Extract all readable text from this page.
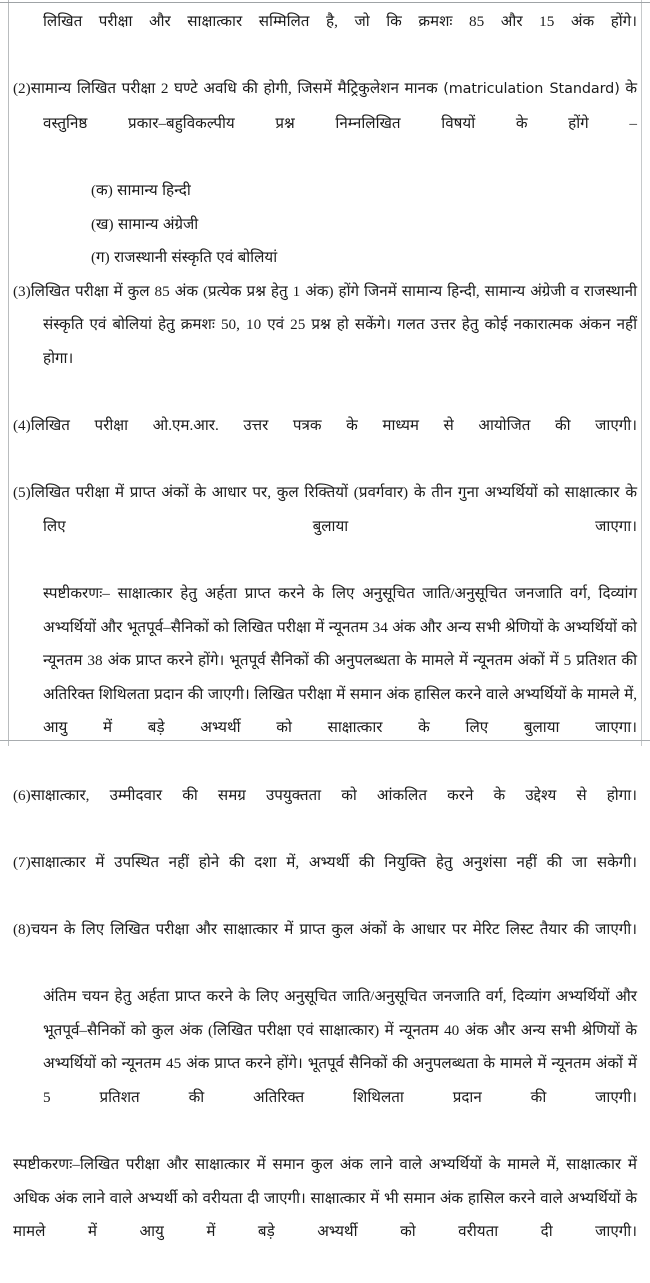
लिखित परीक्षा और साक्षात्कार सम्मिलित है, जो कि क्रमशः 85 और 15 अंक होंगे।

(2)सामान्य लिखित परीक्षा 2 घण्टे अवधि की होगी, जिसमें मैट्रिकुलेशन मानक (matriculation Standard) के वस्तुनिष्ठ प्रकार–बहुविकल्पीय प्रश्न निम्नलिखित विषयों के होंगे –

(क) सामान्य हिन्दी

(ख) सामान्य अंग्रेजी

(ग) राजस्थानी संस्कृति एवं बोलियां

(3)लिखित परीक्षा में कुल 85 अंक (प्रत्येक प्रश्न हेतु 1 अंक) होंगे जिनमें सामान्य हिन्दी, सामान्य अंग्रेजी व राजस्थानी संस्कृति एवं बोलियां हेतु क्रमशः 50, 10 एवं 25 प्रश्न हो सकेंगे। गलत उत्तर हेतु कोई नकारात्मक अंकन नहीं होगा।

(4)लिखित परीक्षा ओ.एम.आर. उत्तर पत्रक के माध्यम से आयोजित की जाएगी।

(5)लिखित परीक्षा में प्राप्त अंकों के आधार पर, कुल रिक्तियों (प्रवर्गवार) के तीन गुना अभ्यर्थियों को साक्षात्कार के लिए बुलाया जाएगा।

स्पष्टीकरणः– साक्षात्कार हेतु अर्हता प्राप्त करने के लिए अनुसूचित जाति/अनुसूचित जनजाति वर्ग, दिव्यांग अभ्यर्थियों और भूतपूर्व–सैनिकों को लिखित परीक्षा में न्यूनतम 34 अंक और अन्य सभी श्रेणियों के अभ्यर्थियों को न्यूनतम 38 अंक प्राप्त करने होंगे। भूतपूर्व सैनिकों की अनुपलब्धता के मामले में न्यूनतम अंकों में 5 प्रतिशत की अतिरिक्त शिथिलता प्रदान की जाएगी। लिखित परीक्षा में समान अंक हासिल करने वाले अभ्यर्थियों के मामले में, आयु में बड़े अभ्यर्थी को साक्षात्कार के लिए बुलाया जाएगा।

(6)साक्षात्कार, उम्मीदवार की समग्र उपयुक्तता को आंकलित करने के उद्देश्य से होगा।

(7)साक्षात्कार में उपस्थित नहीं होने की दशा में, अभ्यर्थी की नियुक्ति हेतु अनुशंसा नहीं की जा सकेगी।

(8)चयन के लिए लिखित परीक्षा और साक्षात्कार में प्राप्त कुल अंकों के आधार पर मेरिट लिस्ट तैयार की जाएगी।

अंतिम चयन हेतु अर्हता प्राप्त करने के लिए अनुसूचित जाति/अनुसूचित जनजाति वर्ग, दिव्यांग अभ्यर्थियों और भूतपूर्व–सैनिकों को कुल अंक (लिखित परीक्षा एवं साक्षात्कार) में न्यूनतम 40 अंक और अन्य सभी श्रेणियों के अभ्यर्थियों को न्यूनतम 45 अंक प्राप्त करने होंगे। भूतपूर्व सैनिकों की अनुपलब्धता के मामले में न्यूनतम अंकों में 5 प्रतिशत की अतिरिक्त शिथिलता प्रदान की जाएगी।

स्पष्टीकरणः–लिखित परीक्षा और साक्षात्कार में समान कुल अंक लाने वाले अभ्यर्थियों के मामले में, साक्षात्कार में अधिक अंक लाने वाले अभ्यर्थी को वरीयता दी जाएगी। साक्षात्कार में भी समान अंक हासिल करने वाले अभ्यर्थियों के मामले में आयु में बड़े अभ्यर्थी को वरीयता दी जाएगी।
